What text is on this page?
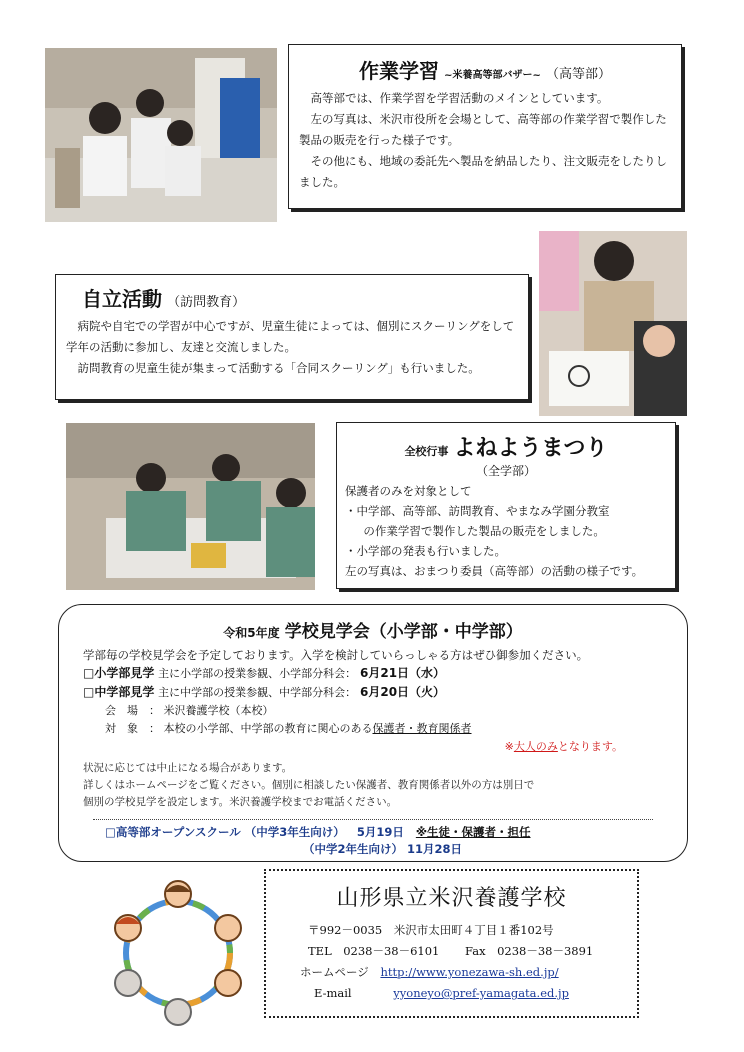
作業学習 ~米養高等部バザー~ （高等部）
高等部では、作業学習を学習活動のメインとしています。
左の写真は、米沢市役所を会場として、高等部の作業学習で製作した製品の販売を行った様子です。
その他にも、地域の委託先へ製品を納品したり、注文販売をしたりしました。
自立活動 （訪問教育）
病院や自宅での学習が中心ですが、児童生徒によっては、個別にスクーリングをして学年の活動に参加し、友達と交流しました。
訪問教育の児童生徒が集まって活動する「合同スクーリング」も行いました。
全校行事 よねようまつり
（全学部）
保護者のみを対象として
・中学部、高等部、訪問教育、やまなみ学園分教室
の作業学習で製作した製品の販売をしました。
・小学部の発表も行いました。
左の写真は、おまつり委員（高等部）の活動の様子です。
令和5年度 学校見学会（小学部・中学部）
学部毎の学校見学会を予定しております。入学を検討していらっしゃる方はぜひ御参加ください。
□小学部見学 主に小学部の授業参観、小学部分科会： 6月21日（水）
□中学部見学 主に中学部の授業参観、中学部分科会： 6月20日（火）
会　場　： 米沢養護学校（本校）
対　象　： 本校の小学部、中学部の教育に関心のある保護者・教育関係者
※大人のみとなります。
状況に応じては中止になる場合があります。
詳しくはホームページをご覧ください。個別に相談したい保護者、教育関係者以外の方は別日で
個別の学校見学を設定します。米沢養護学校までお電話ください。
□高等部オープンスクール （中学3年生向け） 5月19日 ※生徒・保護者・担任
（中学2年生向け） 11月28日
山形県立米沢養護学校
〒992－0035　米沢市太田町４丁目１番102号
TEL　0238－38－6101 Fax　0238－38－3891
ホームページ http://www.yonezawa-sh.ed.jp/
E-mail	yyoneyo@pref-yamagata.ed.jp
